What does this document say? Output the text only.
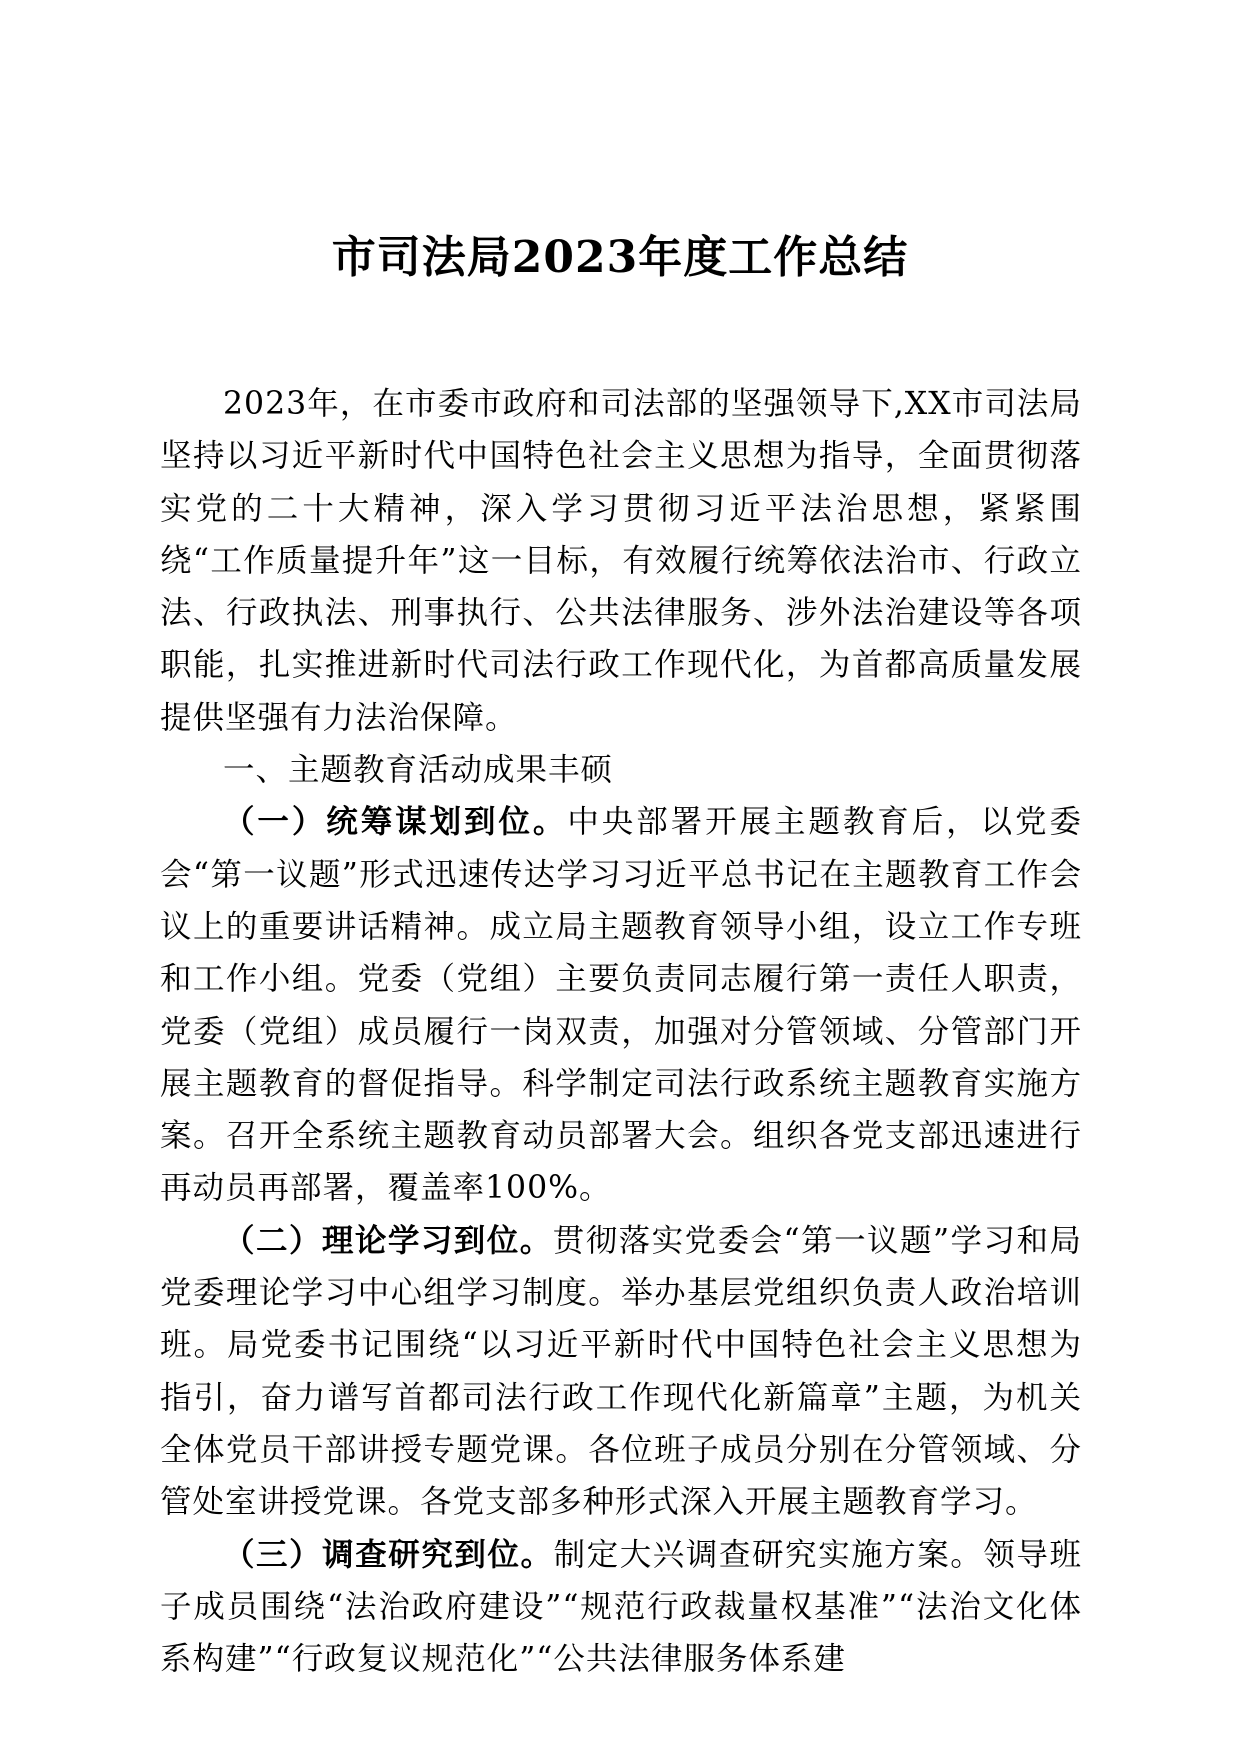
市司法局2023年度工作总结

2023年，在市委市政府和司法部的坚强领导下,XX市司法局坚持以习近平新时代中国特色社会主义思想为指导，全面贯彻落实党的二十大精神，深入学习贯彻习近平法治思想，紧紧围绕“工作质量提升年”这一目标，有效履行统筹依法治市、行政立法、行政执法、刑事执行、公共法律服务、涉外法治建设等各项职能，扎实推进新时代司法行政工作现代化，为首都高质量发展提供坚强有力法治保障。

一、主题教育活动成果丰硕

（一）统筹谋划到位。中央部署开展主题教育后，以党委会“第一议题”形式迅速传达学习习近平总书记在主题教育工作会议上的重要讲话精神。成立局主题教育领导小组，设立工作专班和工作小组。党委（党组）主要负责同志履行第一责任人职责，党委（党组）成员履行一岗双责，加强对分管领域、分管部门开展主题教育的督促指导。科学制定司法行政系统主题教育实施方案。召开全系统主题教育动员部署大会。组织各党支部迅速进行再动员再部署，覆盖率100%。

（二）理论学习到位。贯彻落实党委会“第一议题”学习和局党委理论学习中心组学习制度。举办基层党组织负责人政治培训班。局党委书记围绕“以习近平新时代中国特色社会主义思想为指引，奋力谱写首都司法行政工作现代化新篇章”主题，为机关全体党员干部讲授专题党课。各位班子成员分别在分管领域、分管处室讲授党课。各党支部多种形式深入开展主题教育学习。

（三）调查研究到位。制定大兴调查研究实施方案。领导班子成员围绕“法治政府建设”“规范行政裁量权基准”“法治文化体系构建”“行政复议规范化”“公共法律服务体系建
